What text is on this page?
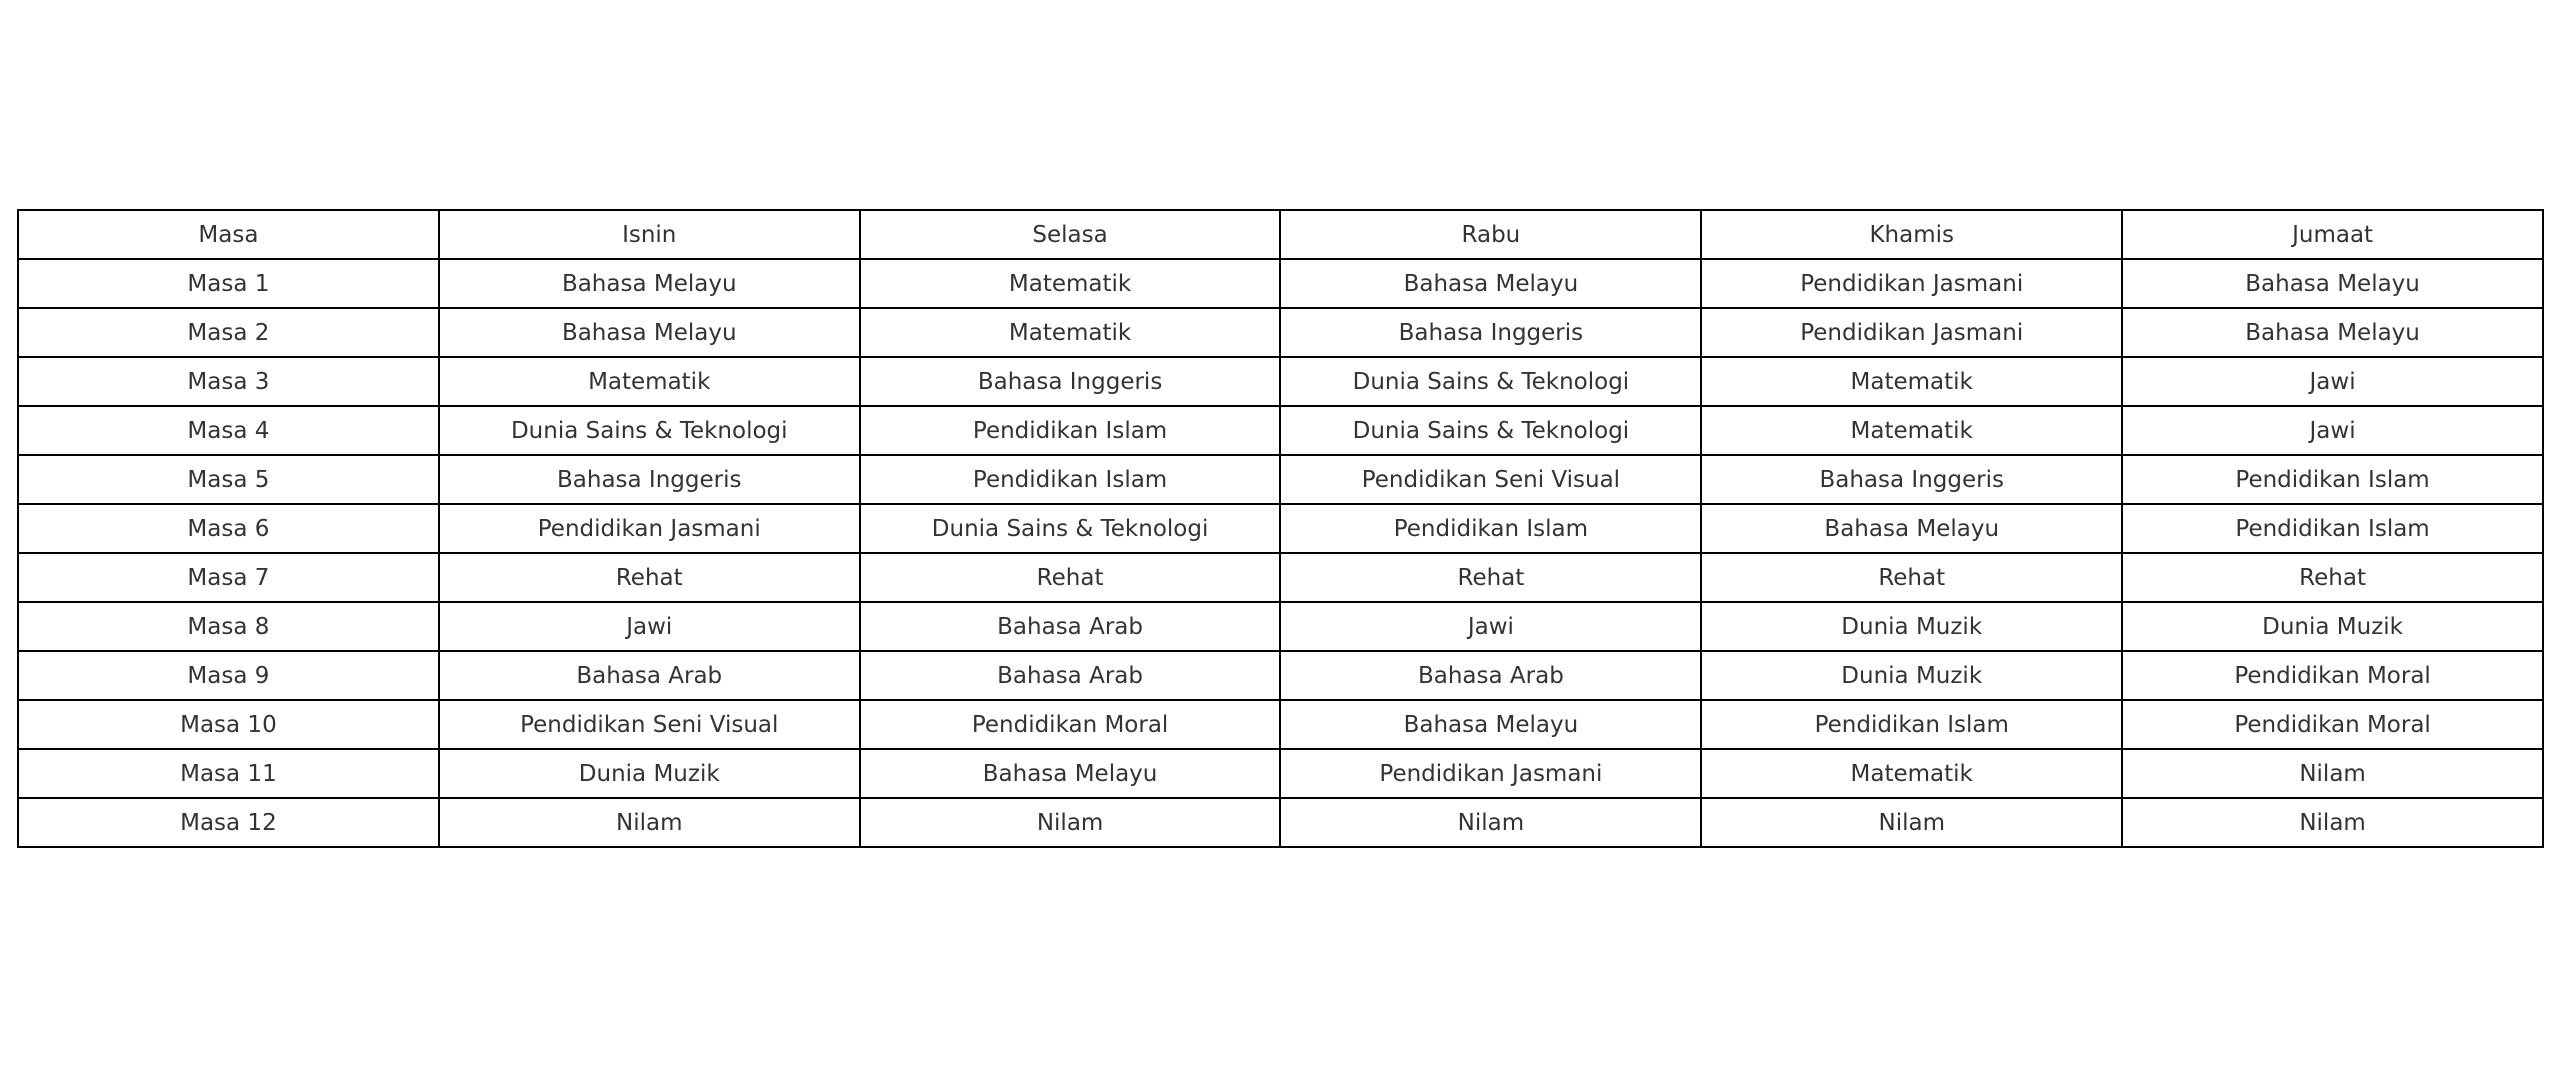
Masa	Isnin	Selasa	Rabu	Khamis	Jumaat
Masa 1	Bahasa Melayu	Matematik	Bahasa Melayu	Pendidikan Jasmani	Bahasa Melayu
Masa 2	Bahasa Melayu	Matematik	Bahasa Inggeris	Pendidikan Jasmani	Bahasa Melayu
Masa 3	Matematik	Bahasa Inggeris	Dunia Sains & Teknologi	Matematik	Jawi
Masa 4	Dunia Sains & Teknologi	Pendidikan Islam	Dunia Sains & Teknologi	Matematik	Jawi
Masa 5	Bahasa Inggeris	Pendidikan Islam	Pendidikan Seni Visual	Bahasa Inggeris	Pendidikan Islam
Masa 6	Pendidikan Jasmani	Dunia Sains & Teknologi	Pendidikan Islam	Bahasa Melayu	Pendidikan Islam
Masa 7	Rehat	Rehat	Rehat	Rehat	Rehat
Masa 8	Jawi	Bahasa Arab	Jawi	Dunia Muzik	Dunia Muzik
Masa 9	Bahasa Arab	Bahasa Arab	Bahasa Arab	Dunia Muzik	Pendidikan Moral
Masa 10	Pendidikan Seni Visual	Pendidikan Moral	Bahasa Melayu	Pendidikan Islam	Pendidikan Moral
Masa 11	Dunia Muzik	Bahasa Melayu	Pendidikan Jasmani	Matematik	Nilam
Masa 12	Nilam	Nilam	Nilam	Nilam	Nilam
